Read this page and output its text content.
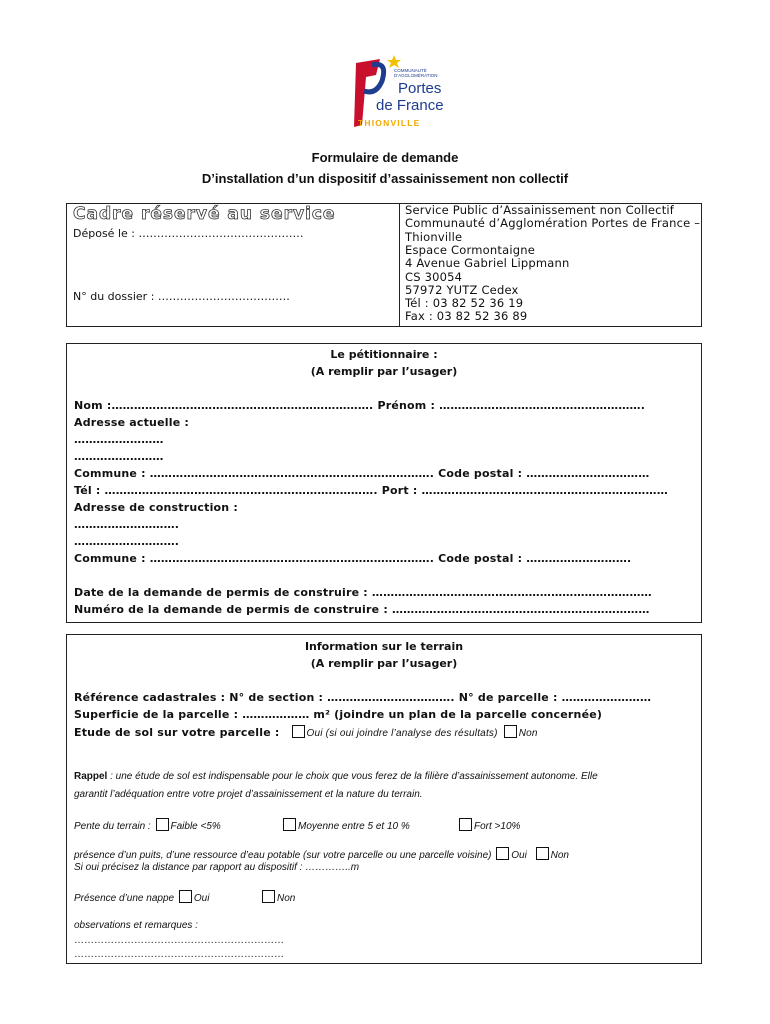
COMMUNAUTÉ
D'AGGLOMÉRATION
Portes
de France
THIONVILLE
Formulaire de demande
D’installation d’un dispositif d’assainissement non collectif
Cadre réservé au service
Déposé le : ………………………………………
N° du dossier : ………………………………
Service Public d’Assainissement non Collectif
Communauté d’Agglomération Portes de France –
Thionville
Espace Cormontaigne
4 Avenue Gabriel Lippmann
CS 30054
57972 YUTZ Cedex
Tél : 03 82 52 36 19
Fax : 03 82 52 36 89
Le pétitionnaire :
(A remplir par l’usager)
Nom :……………………………………………………………. Prénom : ……………………………………………….
Adresse actuelle :
……………………
……………………
Commune : …………………………………………………………………. Code postal : ……………………………
Tél : ………………………………………………………………. Port : …………………………………………………………
Adresse de construction :
……………………….
……………………….
Commune : …………………………………………………………………. Code postal : ……………………….
Date de la demande de permis de construire : …………………………………………………………………
Numéro de la demande de permis de construire : ……………………………………………………………
Information sur le terrain
(A remplir par l’usager)
Référence cadastrales : N° de section : ……………………………. N° de parcelle : ……………………
Superficie de la parcelle : ……………… m² (joindre un plan de la parcelle concernée)
Etude de sol sur votre parcelle :	Oui (si oui joindre l’analyse des résultats) Non
Rappel : une étude de sol est indispensable pour le choix que vous ferez de la filière d’assainissement autonome. Elle
garantit l’adéquation entre votre projet d’assainissement et la nature du terrain.
Pente du terrain : Faible <5%	Moyenne entre 5 et 10 %	Fort >10%
présence d’un puits, d’une ressource d’eau potable (sur votre parcelle ou une parcelle voisine) Oui Non
Si oui précisez la distance par rapport au dispositif : …………..m
Présence d’une nappe Oui	Non
observations et remarques :
………………………………………………………
………………………………………………………
